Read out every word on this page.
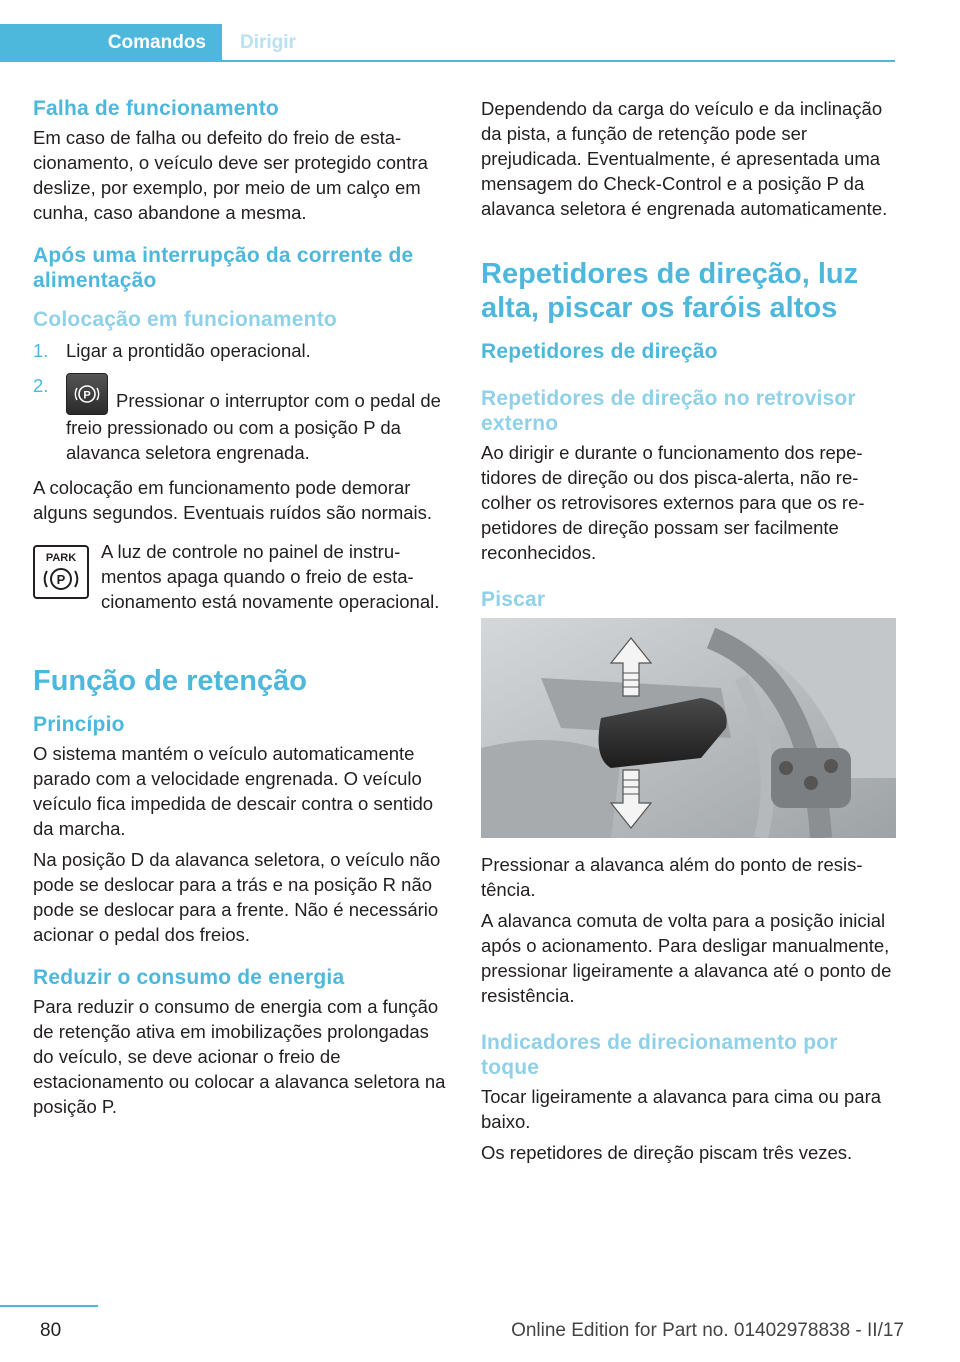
Comandos Dirigir
Falha de funcionamento
Em caso de falha ou defeito do freio de estacionamento, o veículo deve ser protegido contra deslize, por exemplo, por meio de um calço em cunha, caso abandone a mesma.
Após uma interrupção da corrente de alimentação
Colocação em funcionamento
1. Ligar a prontidão operacional.
2.	P Pressionar o interruptor com o pedal de freio pressionado ou com a posição P da alavanca seletora engrenada.
A colocação em funcionamento pode demorar alguns segundos. Eventuais ruídos são normais.
PARK
P
A luz de controle no painel de instrumentos apaga quando o freio de estacionamento está novamente operacional.
Função de retenção
Princípio
O sistema mantém o veículo automaticamente parado com a velocidade engrenada. O veículo veículo fica impedida de descair contra o sentido da marcha.
Na posição D da alavanca seletora, o veículo não pode se deslocar para a trás e na posição R não pode se deslocar para a frente. Não é necessário acionar o pedal dos freios.
Reduzir o consumo de energia
Para reduzir o consumo de energia com a função de retenção ativa em imobilizações prolongadas do veículo, se deve acionar o freio de estacionamento ou colocar a alavanca seletora na posição P.
Dependendo da carga do veículo e da inclinação da pista, a função de retenção pode ser prejudicada. Eventualmente, é apresentada uma mensagem do Check-Control e a posição P da alavanca seletora é engrenada automaticamente.
Repetidores de direção, luz alta, piscar os faróis altos
Repetidores de direção
Repetidores de direção no retrovisor externo
Ao dirigir e durante o funcionamento dos repetidores de direção ou dos pisca-alerta, não recolher os retrovisores externos para que os repetidores de direção possam ser facilmente reconhecidos.
Piscar
Pressionar a alavanca além do ponto de resistência.
A alavanca comuta de volta para a posição inicial após o acionamento. Para desligar manualmente, pressionar ligeiramente a alavanca até o ponto de resistência.
Indicadores de direcionamento por toque
Tocar ligeiramente a alavanca para cima ou para baixo.
Os repetidores de direção piscam três vezes.
80	Online Edition for Part no. 01402978838 - II/17
